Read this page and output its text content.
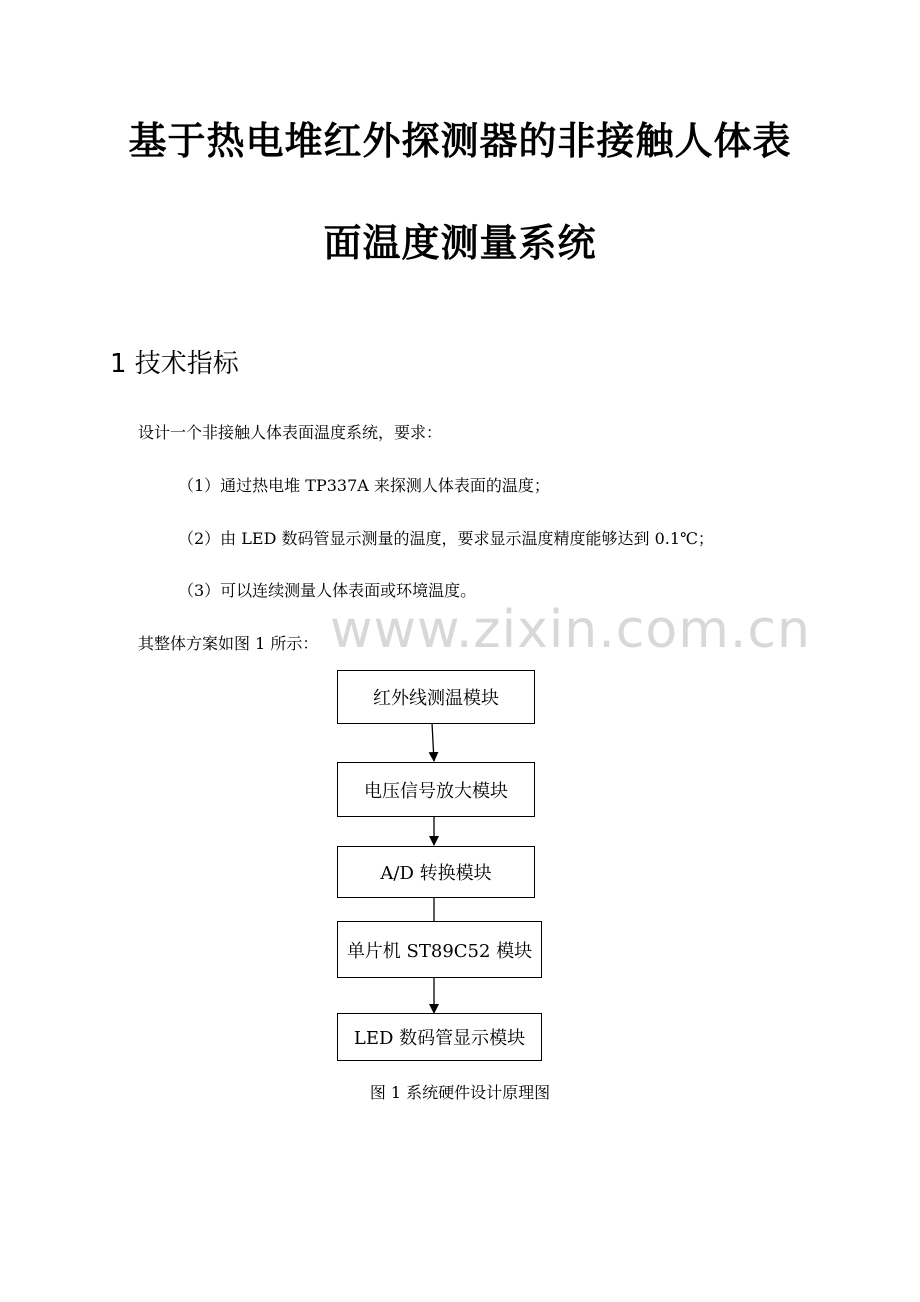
基于热电堆红外探测器的非接触人体表
面温度测量系统
1 技术指标
设计一个非接触人体表面温度系统，要求：
（1）通过热电堆 TP337A 来探测人体表面的温度；
（2）由 LED 数码管显示测量的温度，要求显示温度精度能够达到 0.1℃；
（3）可以连续测量人体表面或环境温度。
www.zixin.com.cn
其整体方案如图 1 所示：
红外线测温模块
电压信号放大模块
A/D 转换模块
单片机 ST89C52 模块
LED 数码管显示模块
图 1 系统硬件设计原理图
